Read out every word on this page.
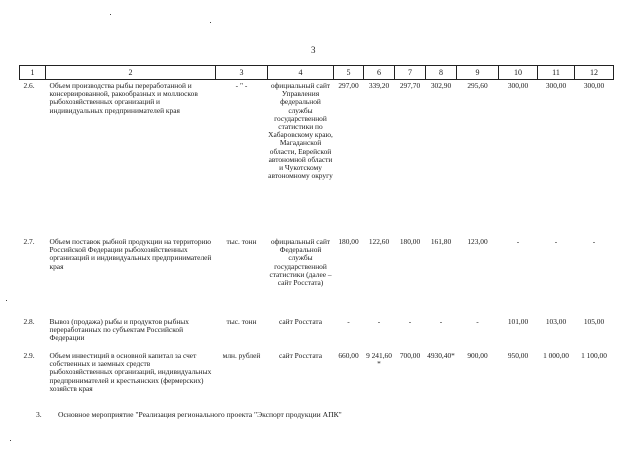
3
1	2	3	4	5	6	7	8	9	10	11	12
2.6.	Объем производства рыбы переработанной и консервированной, ракообразных и моллюсков рыбохозяйственных организаций и индивидуальных предпринимателей края	- " -	официальный сайт Управления федеральной службы государственной статистики по Хабаровскому краю, Магаданской области, Еврейской автономной области и Чукотскому автономному округу	297,00	339,20	297,70	302,90	295,60	300,00	300,00	300,00
2.7.	Объем поставок рыбной продукции на территорию Российской Федерации рыбохозяйственных организаций и индивидуальных предпринимателей края	тыс. тонн	официальный сайт Федеральной службы государственной статистики (далее – сайт Росстата)	180,00	122,60	180,00	161,80	123,00	-	-	-
2.8.	Вывоз (продажа) рыбы и продуктов рыбных переработанных по субъектам Российской Федерации	тыс. тонн	сайт Росстата	-	-	-	-	-	101,00	103,00	105,00
2.9.	Объем инвестиций в основной капитал за счет собственных и заемных средств рыбохозяйственных организаций, индивидуальных предпринимателей и крестьянских (фермерских) хозяйств края	млн. рублей	сайт Росстата	660,00	9 241,60 *	700,00	4930,40*	900,00	950,00	1 000,00	1 100,00
3. Основное мероприятие "Реализация регионального проекта "Экспорт продукции АПК"
